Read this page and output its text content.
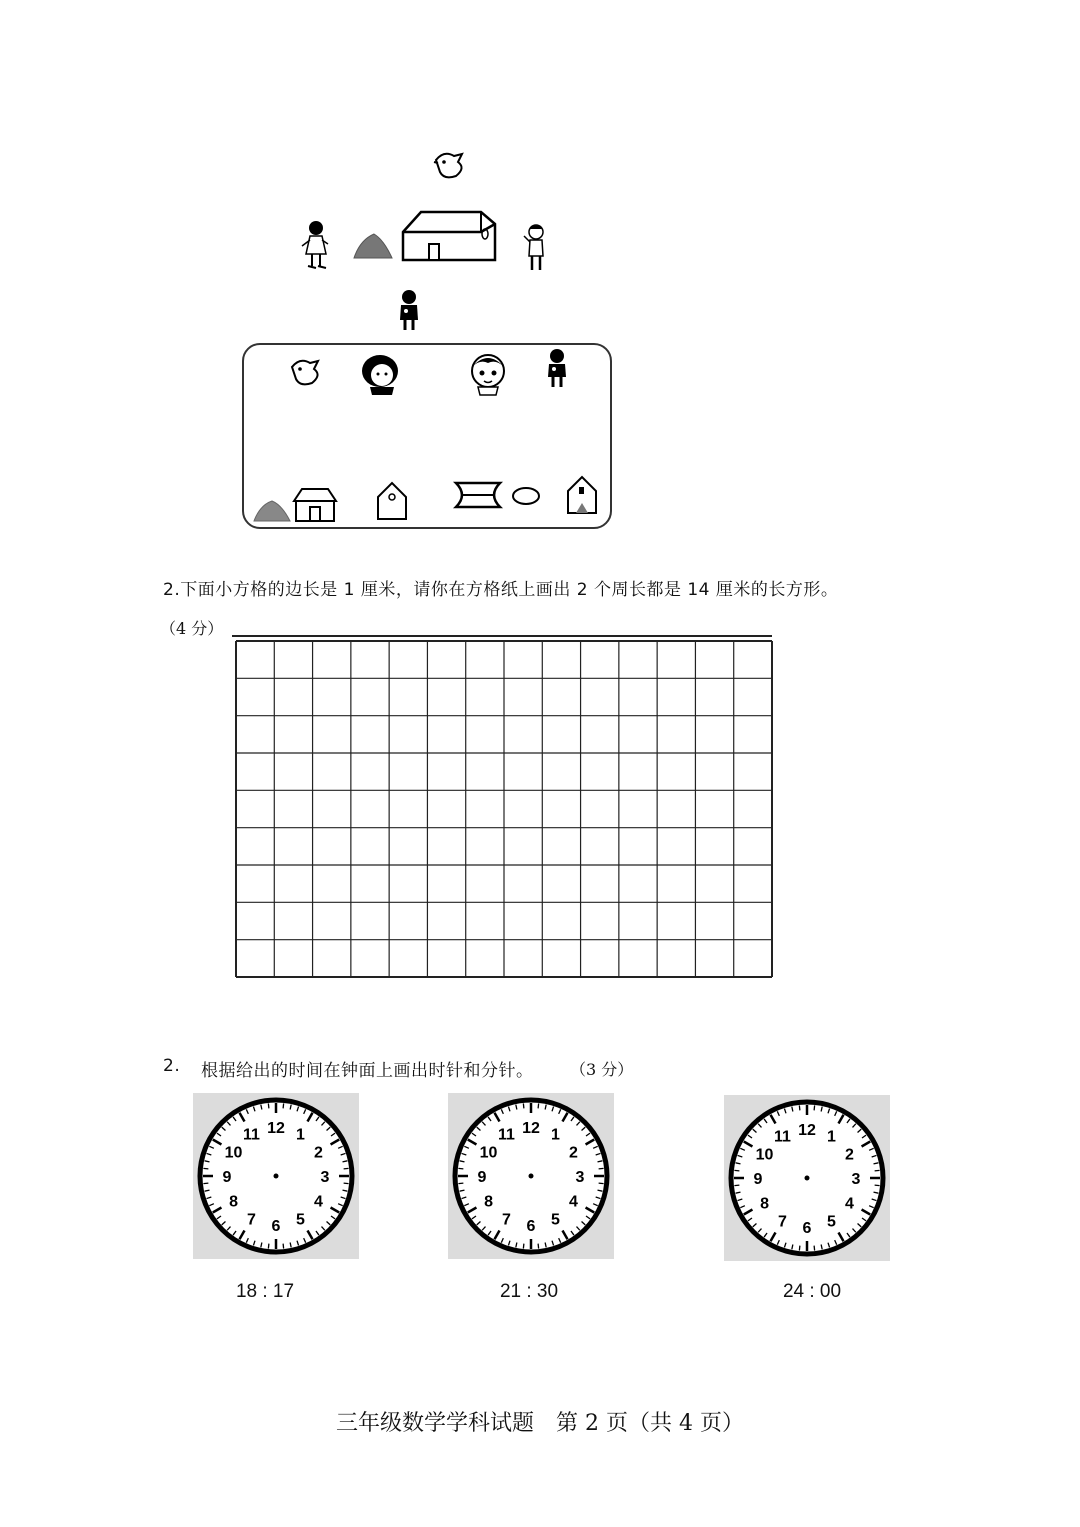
2.下面小方格的边长是 1 厘米，请你在方格纸上画出 2 个周长都是 14 厘米的长方形。
（4 分）
2. 根据给出的时间在钟面上画出时针和分针。 （3 分）
12 1
2
3
4
5
6
7
8
9
10
11	12 1
2
3
4
5
6
7
8
9
10
11	12 1
2
3
4
5
6
7
8
9
10
11
18 : 17	21 : 30	24 : 00
三年级数学学科试题　第 2 页（共 4 页）
